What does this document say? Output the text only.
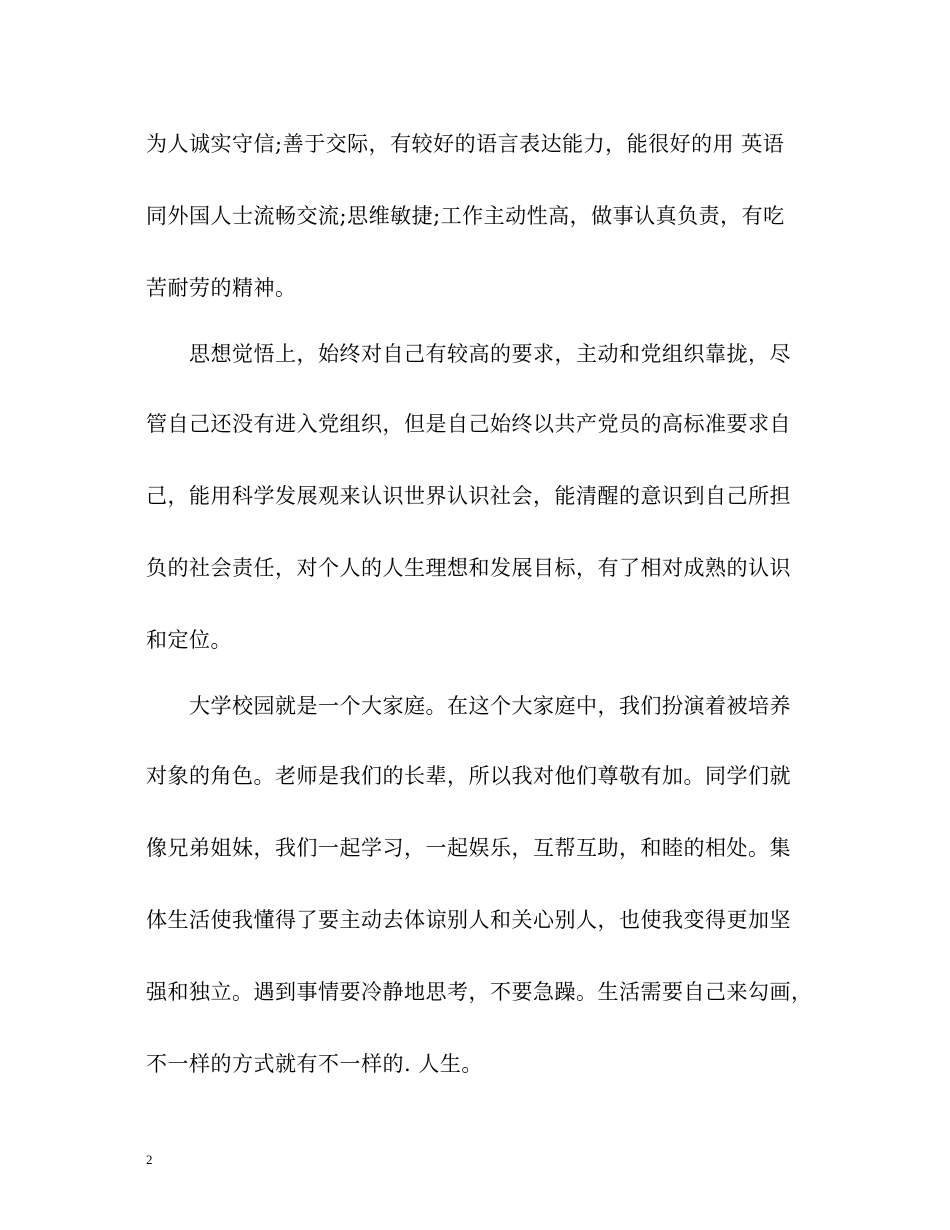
为人诚实守信;善于交际，有较好的语言表达能力，能很好的用 英语
同外国人士流畅交流;思维敏捷;工作主动性高，做事认真负责，有吃
苦耐劳的精神。
思想觉悟上，始终对自己有较高的要求，主动和党组织靠拢，尽
管自己还没有进入党组织，但是自己始终以共产党员的高标准要求自
己，能用科学发展观来认识世界认识社会，能清醒的意识到自己所担
负的社会责任，对个人的人生理想和发展目标，有了相对成熟的认识
和定位。
大学校园就是一个大家庭。在这个大家庭中，我们扮演着被培养
对象的角色。老师是我们的长辈，所以我对他们尊敬有加。同学们就
像兄弟姐妹，我们一起学习，一起娱乐，互帮互助，和睦的相处。集
体生活使我懂得了要主动去体谅别人和关心别人，也使我变得更加坚
强和独立。遇到事情要冷静地思考，不要急躁。生活需要自己来勾画，
不一样的方式就有不一样的. 人生。
2
